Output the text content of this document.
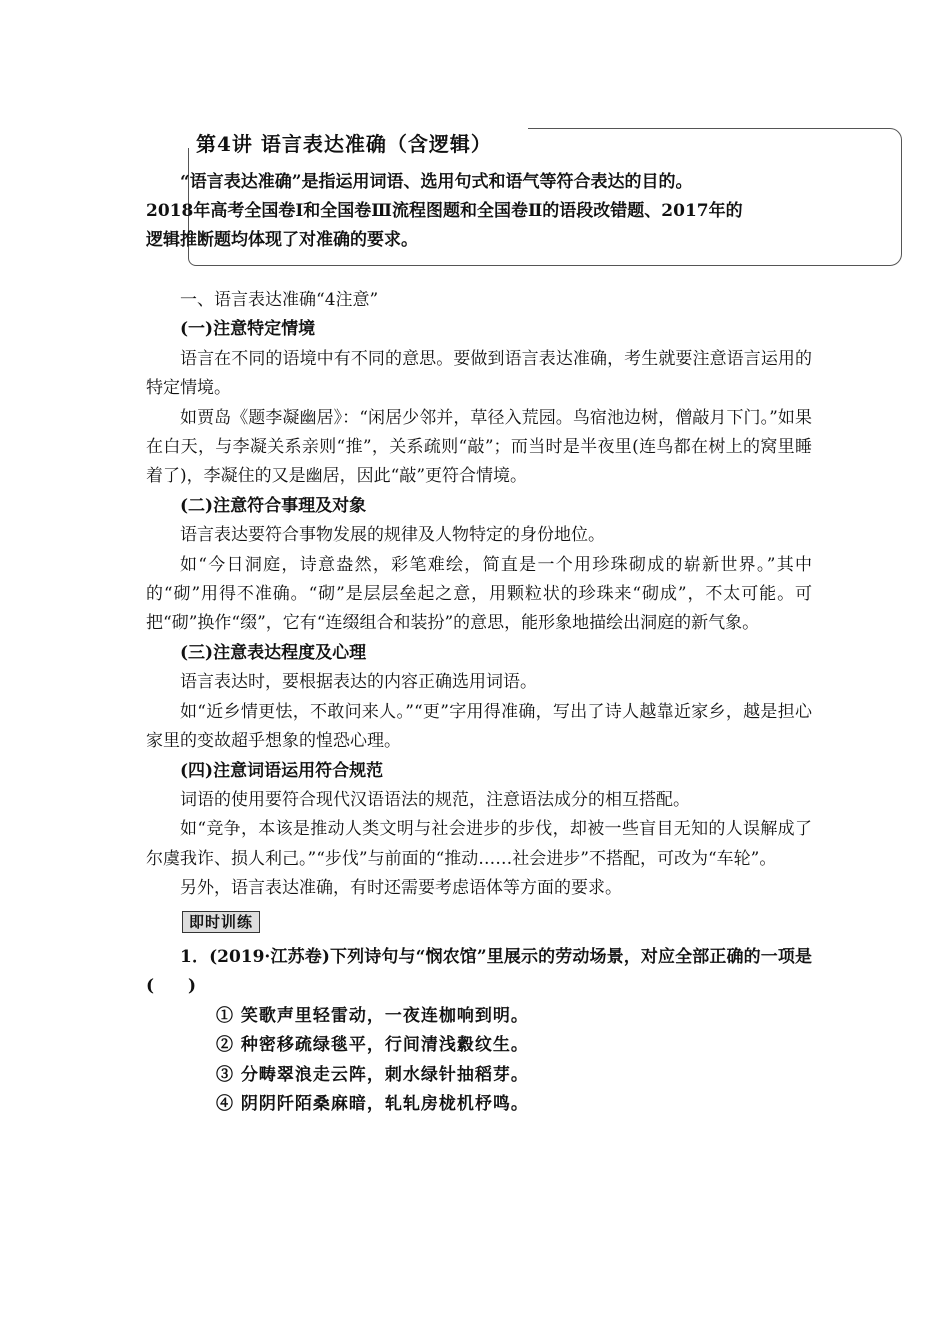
第4讲 语言表达准确（含逻辑）

“语言表达准确”是指运用词语、选用句式和语气等符合表达的目的。

2018年高考全国卷Ⅰ和全国卷Ⅲ流程图题和全国卷Ⅱ的语段改错题、2017年的

逻辑推断题均体现了对准确的要求。

一、语言表达准确“4注意”

(一)注意特定情境

语言在不同的语境中有不同的意思。要做到语言表达准确，考生就要注意语言运用的特定情境。

如贾岛《题李凝幽居》：“闲居少邻并，草径入荒园。鸟宿池边树，僧敲月下门。”如果在白天，与李凝关系亲则“推”，关系疏则“敲”；而当时是半夜里(连鸟都在树上的窝里睡着了)，李凝住的又是幽居，因此“敲”更符合情境。

(二)注意符合事理及对象

语言表达要符合事物发展的规律及人物特定的身份地位。

如“今日洞庭，诗意盎然，彩笔难绘，简直是一个用珍珠砌成的崭新世界。”其中的“砌”用得不准确。“砌”是层层垒起之意，用颗粒状的珍珠来“砌成”，不太可能。可把“砌”换作“缀”，它有“连缀组合和装扮”的意思，能形象地描绘出洞庭的新气象。

(三)注意表达程度及心理

语言表达时，要根据表达的内容正确选用词语。

如“近乡情更怯，不敢问来人。”“更”字用得准确，写出了诗人越靠近家乡，越是担心家里的变故超乎想象的惶恐心理。

(四)注意词语运用符合规范

词语的使用要符合现代汉语语法的规范，注意语法成分的相互搭配。

如“竞争，本该是推动人类文明与社会进步的步伐，却被一些盲目无知的人误解成了尔虞我诈、损人利己。”“步伐”与前面的“推动……社会进步”不搭配，可改为“车轮”。

另外，语言表达准确，有时还需要考虑语体等方面的要求。

即时训练

1．(2019·江苏卷)下列诗句与“悯农馆”里展示的劳动场景，对应全部正确的一项是(　　)

① 笑歌声里轻雷动，一夜连枷响到明。

② 种密移疏绿毯平，行间清浅縠纹生。

③ 分畴翠浪走云阵，刺水绿针抽稻芽。

④ 阴阴阡陌桑麻暗，轧轧房栊机杼鸣。
